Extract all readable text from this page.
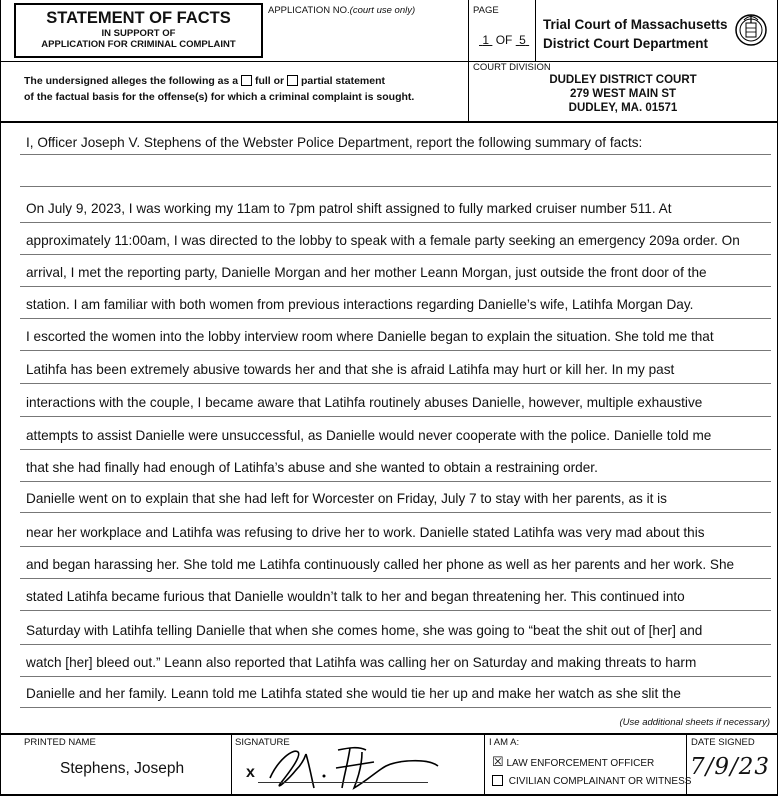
STATEMENT OF FACTS
IN SUPPORT OF
APPLICATION FOR CRIMINAL COMPLAINT
APPLICATION NO.(court use only)	PAGE
1 OF 5
Trial Court of Massachusetts
District Court Department
The undersigned alleges the following as a full or partial statement
of the factual basis for the offense(s) for which a criminal complaint is sought.
COURT DIVISION
DUDLEY DISTRICT COURT
279 WEST MAIN ST
DUDLEY, MA. 01571
I, Officer Joseph V. Stephens of the Webster Police Department, report the following summary of facts:
On July 9, 2023, I was working my 11am to 7pm patrol shift assigned to fully marked cruiser number 511. At
approximately 11:00am, I was directed to the lobby to speak with a female party seeking an emergency 209a order. On
arrival, I met the reporting party, Danielle Morgan and her mother Leann Morgan, just outside the front door of the
station. I am familiar with both women from previous interactions regarding Danielle’s wife, Latihfa Morgan Day.
I escorted the women into the lobby interview room where Danielle began to explain the situation. She told me that
Latihfa has been extremely abusive towards her and that she is afraid Latihfa may hurt or kill her. In my past
interactions with the couple, I became aware that Latihfa routinely abuses Danielle, however, multiple exhaustive
attempts to assist Danielle were unsuccessful, as Danielle would never cooperate with the police. Danielle told me
that she had finally had enough of Latihfa’s abuse and she wanted to obtain a restraining order.
Danielle went on to explain that she had left for Worcester on Friday, July 7 to stay with her parents, as it is
near her workplace and Latihfa was refusing to drive her to work. Danielle stated Latihfa was very mad about this
and began harassing her. She told me Latihfa continuously called her phone as well as her parents and her work. She
stated Latihfa became furious that Danielle wouldn’t talk to her and began threatening her. This continued into
Saturday with Latihfa telling Danielle that when she comes home, she was going to “beat the shit out of [her] and
watch [her] bleed out.” Leann also reported that Latihfa was calling her on Saturday and making threats to harm
Danielle and her family. Leann told me Latihfa stated she would tie her up and make her watch as she slit the
(Use additional sheets if necessary)
PRINTED NAME
Stephens, Joseph
SIGNATURE
x
I AM A:
☒ LAW ENFORCEMENT OFFICER
CIVILIAN COMPLAINANT OR WITNESS
DATE SIGNED
7/9/23
